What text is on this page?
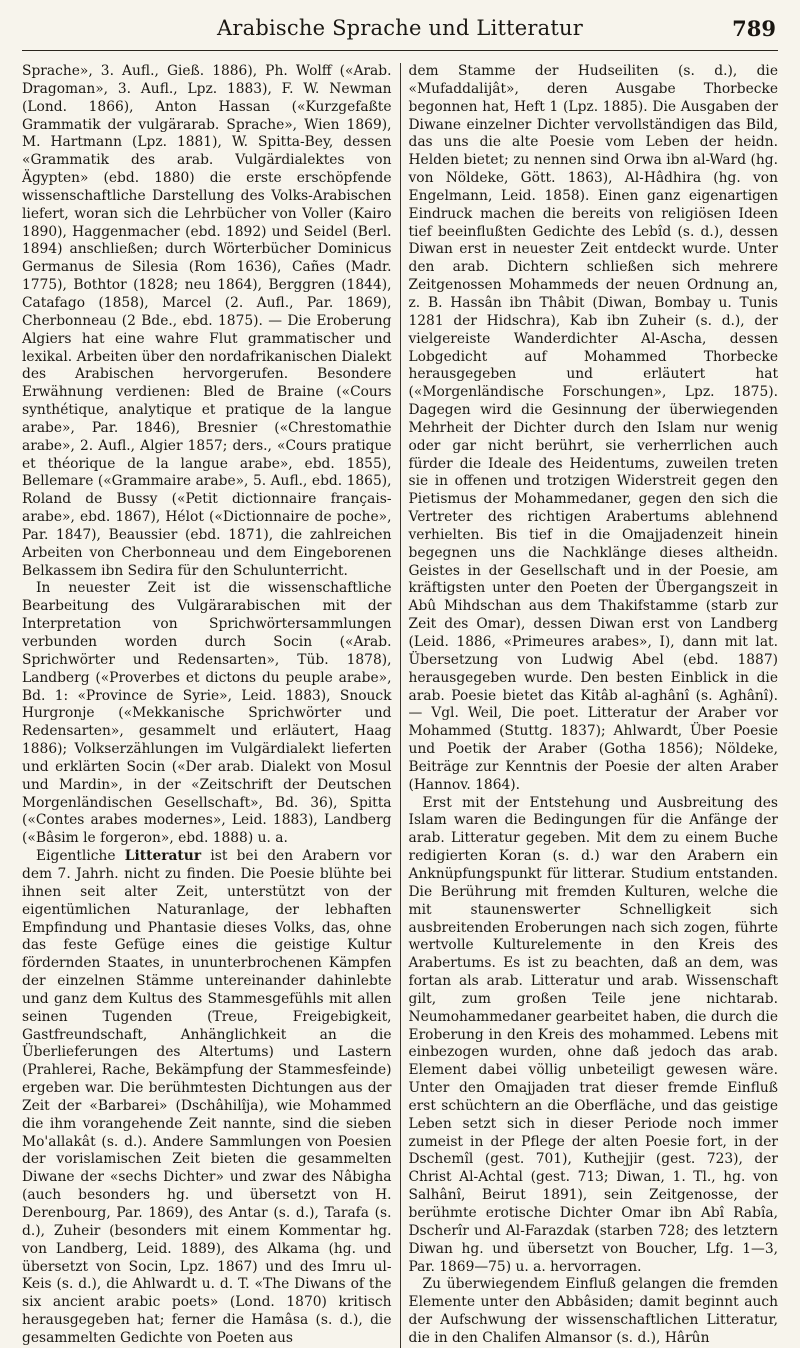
Arabische Sprache und Litteratur	789

Sprache», 3. Aufl., Gieß. 1886), Ph. Wolff («Arab. Dragoman», 3. Aufl., Lpz. 1883), F. W. Newman (Lond. 1866), Anton Hassan («Kurzgefaßte Grammatik der vulgärarab. Sprache», Wien 1869), M. Hartmann (Lpz. 1881), W. Spitta-Bey, dessen «Grammatik des arab. Vulgärdialektes von Ägypten» (ebd. 1880) die erste erschöpfende wissenschaftliche Darstellung des Volks-Arabischen liefert, woran sich die Lehrbücher von Voller (Kairo 1890), Haggenmacher (ebd. 1892) und Seidel (Berl. 1894) anschließen; durch Wörterbücher Dominicus Germanus de Silesia (Rom 1636), Cañes (Madr. 1775), Bothtor (1828; neu 1864), Berggren (1844), Catafago (1858), Marcel (2. Aufl., Par. 1869), Cherbonneau (2 Bde., ebd. 1875). — Die Eroberung Algiers hat eine wahre Flut grammatischer und lexikal. Arbeiten über den nordafrikanischen Dialekt des Arabischen hervorgerufen. Besondere Erwähnung verdienen: Bled de Braine («Cours synthétique, analytique et pratique de la langue arabe», Par. 1846), Bresnier («Chrestomathie arabe», 2. Aufl., Algier 1857; ders., «Cours pratique et théorique de la langue arabe», ebd. 1855), Bellemare («Grammaire arabe», 5. Aufl., ebd. 1865), Roland de Bussy («Petit dictionnaire français-arabe», ebd. 1867), Hélot («Dictionnaire de poche», Par. 1847), Beaussier (ebd. 1871), die zahlreichen Arbeiten von Cherbonneau und dem Eingeborenen Belkassem ibn Sedira für den Schulunterricht.

In neuester Zeit ist die wissenschaftliche Bearbeitung des Vulgärarabischen mit der Interpretation von Sprichwörtersammlungen verbunden worden durch Socin («Arab. Sprichwörter und Redensarten», Tüb. 1878), Landberg («Proverbes et dictons du peuple arabe», Bd. 1: «Province de Syrie», Leid. 1883), Snouck Hurgronje («Mekkanische Sprichwörter und Redensarten», gesammelt und erläutert, Haag 1886); Volkserzählungen im Vulgärdialekt lieferten und erklärten Socin («Der arab. Dialekt von Mosul und Mardin», in der «Zeitschrift der Deutschen Morgenländischen Gesellschaft», Bd. 36), Spitta («Contes arabes modernes», Leid. 1883), Landberg («Bâsim le forgeron», ebd. 1888) u. a.

Eigentliche Litteratur ist bei den Arabern vor dem 7. Jahrh. nicht zu finden. Die Poesie blühte bei ihnen seit alter Zeit, unterstützt von der eigentümlichen Naturanlage, der lebhaften Empfindung und Phantasie dieses Volks, das, ohne das feste Gefüge eines die geistige Kultur fördernden Staates, in ununterbrochenen Kämpfen der einzelnen Stämme untereinander dahinlebte und ganz dem Kultus des Stammesgefühls mit allen seinen Tugenden (Treue, Freigebigkeit, Gastfreundschaft, Anhänglichkeit an die Überlieferungen des Altertums) und Lastern (Prahlerei, Rache, Bekämpfung der Stammesfeinde) ergeben war. Die berühmtesten Dichtungen aus der Zeit der «Barbarei» (Dschâhilîja), wie Mohammed die ihm vorangehende Zeit nannte, sind die sieben Mo'allakât (s. d.). Andere Sammlungen von Poesien der vorislamischen Zeit bieten die gesammelten Diwane der «sechs Dichter» und zwar des Nâbigha (auch besonders hg. und übersetzt von H. Derenbourg, Par. 1869), des Antar (s. d.), Tarafa (s. d.), Zuheir (besonders mit einem Kommentar hg. von Landberg, Leid. 1889), des Alkama (hg. und übersetzt von Socin, Lpz. 1867) und des Imru ul-Keis (s. d.), die Ahlwardt u. d. T. «The Diwans of the six ancient arabic poets» (Lond. 1870) kritisch herausgegeben hat; ferner die Hamâsa (s. d.), die gesammelten Gedichte von Poeten aus

dem Stamme der Hudseiliten (s. d.), die «Mufaddalijât», deren Ausgabe Thorbecke begonnen hat, Heft 1 (Lpz. 1885). Die Ausgaben der Diwane einzelner Dichter vervollständigen das Bild, das uns die alte Poesie vom Leben der heidn. Helden bietet; zu nennen sind Orwa ibn al-Ward (hg. von Nöldeke, Gött. 1863), Al-Hâdhira (hg. von Engelmann, Leid. 1858). Einen ganz eigenartigen Eindruck machen die bereits von religiösen Ideen tief beeinflußten Gedichte des Lebîd (s. d.), dessen Diwan erst in neuester Zeit entdeckt wurde. Unter den arab. Dichtern schließen sich mehrere Zeitgenossen Mohammeds der neuen Ordnung an, z. B. Hassân ibn Thâbit (Diwan, Bombay u. Tunis 1281 der Hidschra), Kab ibn Zuheir (s. d.), der vielgereiste Wanderdichter Al-Ascha, dessen Lobgedicht auf Mohammed Thorbecke herausgegeben und erläutert hat («Morgenländische Forschungen», Lpz. 1875). Dagegen wird die Gesinnung der überwiegenden Mehrheit der Dichter durch den Islam nur wenig oder gar nicht berührt, sie verherrlichen auch fürder die Ideale des Heidentums, zuweilen treten sie in offenen und trotzigen Widerstreit gegen den Pietismus der Mohammedaner, gegen den sich die Vertreter des richtigen Arabertums ablehnend verhielten. Bis tief in die Omajjadenzeit hinein begegnen uns die Nachklänge dieses altheidn. Geistes in der Gesellschaft und in der Poesie, am kräftigsten unter den Poeten der Übergangszeit in Abû Mihdschan aus dem Thakifstamme (starb zur Zeit des Omar), dessen Diwan erst von Landberg (Leid. 1886, «Primeures arabes», I), dann mit lat. Übersetzung von Ludwig Abel (ebd. 1887) herausgegeben wurde. Den besten Einblick in die arab. Poesie bietet das Kitâb al-aghânî (s. Aghânî). — Vgl. Weil, Die poet. Litteratur der Araber vor Mohammed (Stuttg. 1837); Ahlwardt, Über Poesie und Poetik der Araber (Gotha 1856); Nöldeke, Beiträge zur Kenntnis der Poesie der alten Araber (Hannov. 1864).

Erst mit der Entstehung und Ausbreitung des Islam waren die Bedingungen für die Anfänge der arab. Litteratur gegeben. Mit dem zu einem Buche redigierten Koran (s. d.) war den Arabern ein Anknüpfungspunkt für litterar. Studium entstanden. Die Berührung mit fremden Kulturen, welche die mit staunenswerter Schnelligkeit sich ausbreitenden Eroberungen nach sich zogen, führte wertvolle Kulturelemente in den Kreis des Arabertums. Es ist zu beachten, daß an dem, was fortan als arab. Litteratur und arab. Wissenschaft gilt, zum großen Teile jene nichtarab. Neumohammedaner gearbeitet haben, die durch die Eroberung in den Kreis des mohammed. Lebens mit einbezogen wurden, ohne daß jedoch das arab. Element dabei völlig unbeteiligt gewesen wäre. Unter den Omajjaden trat dieser fremde Einfluß erst schüchtern an die Oberfläche, und das geistige Leben setzt sich in dieser Periode noch immer zumeist in der Pflege der alten Poesie fort, in der Dschemîl (gest. 701), Kuthejjir (gest. 723), der Christ Al-Achtal (gest. 713; Diwan, 1. Tl., hg. von Salhânî, Beirut 1891), sein Zeitgenosse, der berühmte erotische Dichter Omar ibn Abî Rabîa, Dscherîr und Al-Farazdak (starben 728; des letztern Diwan hg. und übersetzt von Boucher, Lfg. 1—3, Par. 1869—75) u. a. hervorragen.

Zu überwiegendem Einfluß gelangen die fremden Elemente unter den Abbâsiden; damit beginnt auch der Aufschwung der wissenschaftlichen Litteratur, die in den Chalifen Almansor (s. d.), Hârûn
